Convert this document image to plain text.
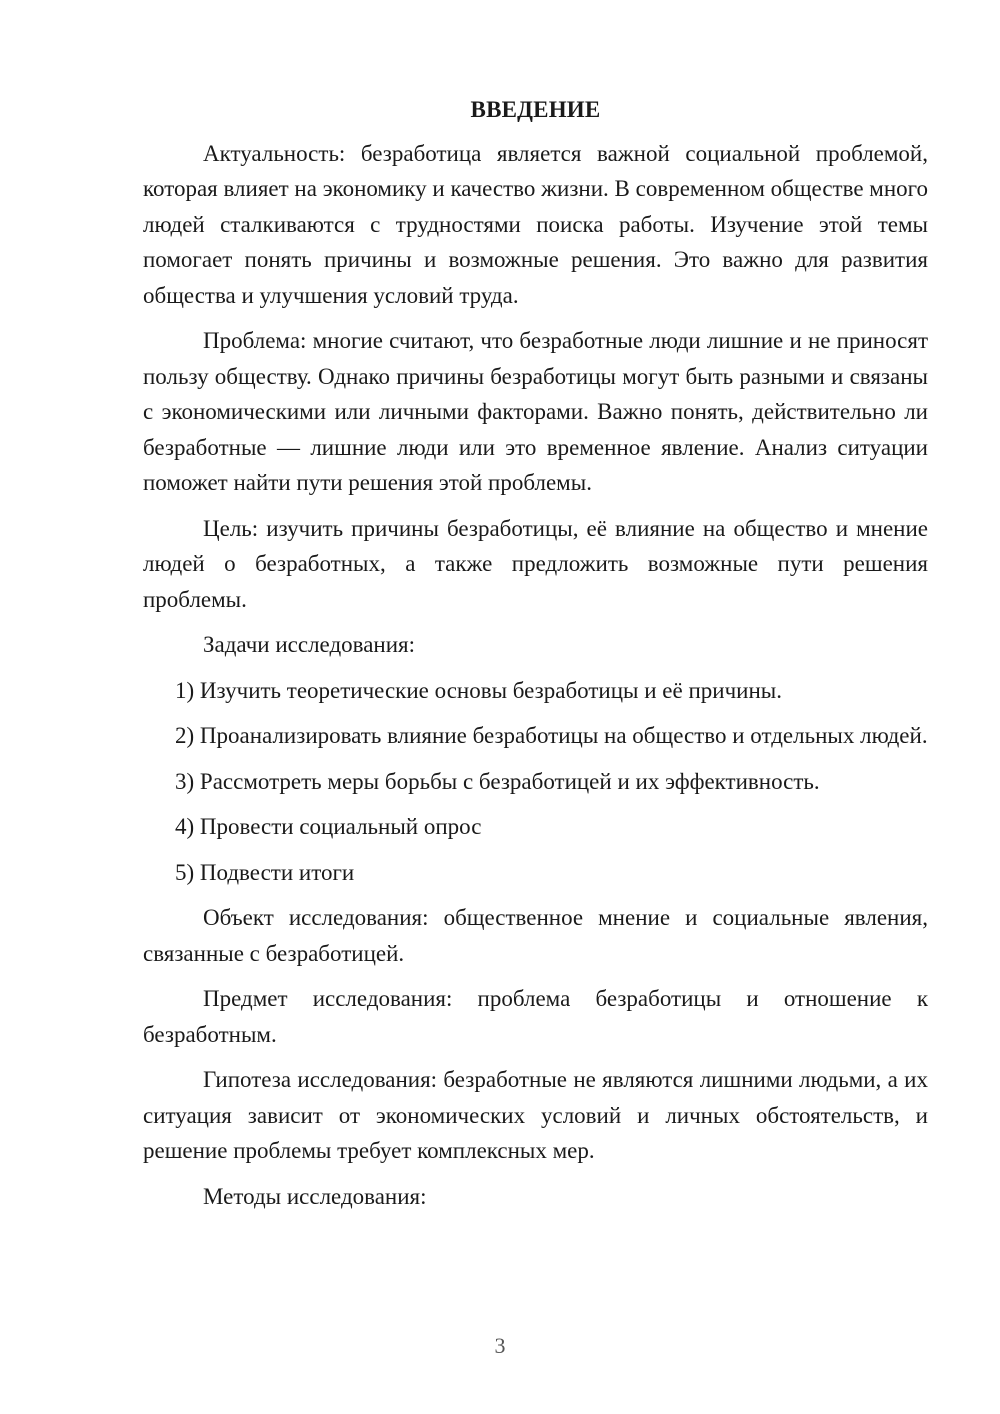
ВВЕДЕНИЕ

Актуальность: безработица является важной социальной проблемой, которая влияет на экономику и качество жизни. В современном обществе много людей сталкиваются с трудностями поиска работы. Изучение этой темы помогает понять причины и возможные решения. Это важно для развития общества и улучшения условий труда.

Проблема: многие считают, что безработные люди лишние и не приносят пользу обществу. Однако причины безработицы могут быть разными и связаны с экономическими или личными факторами. Важно понять, действительно ли безработные — лишние люди или это временное явление. Анализ ситуации поможет найти пути решения этой проблемы.

Цель: изучить причины безработицы, её влияние на общество и мнение людей о безработных, а также предложить возможные пути решения проблемы.

Задачи исследования:

1) Изучить теоретические основы безработицы и её причины.

2) Проанализировать влияние безработицы на общество и отдельных людей.

3) Рассмотреть меры борьбы с безработицей и их эффективность.

4) Провести социальный опрос

5) Подвести итоги

Объект исследования: общественное мнение и социальные явления, связанные с безработицей.

Предмет исследования: проблема безработицы и отношение к безработным.

Гипотеза исследования: безработные не являются лишними людьми, а их ситуация зависит от экономических условий и личных обстоятельств, и решение проблемы требует комплексных мер.

Методы исследования:

3
